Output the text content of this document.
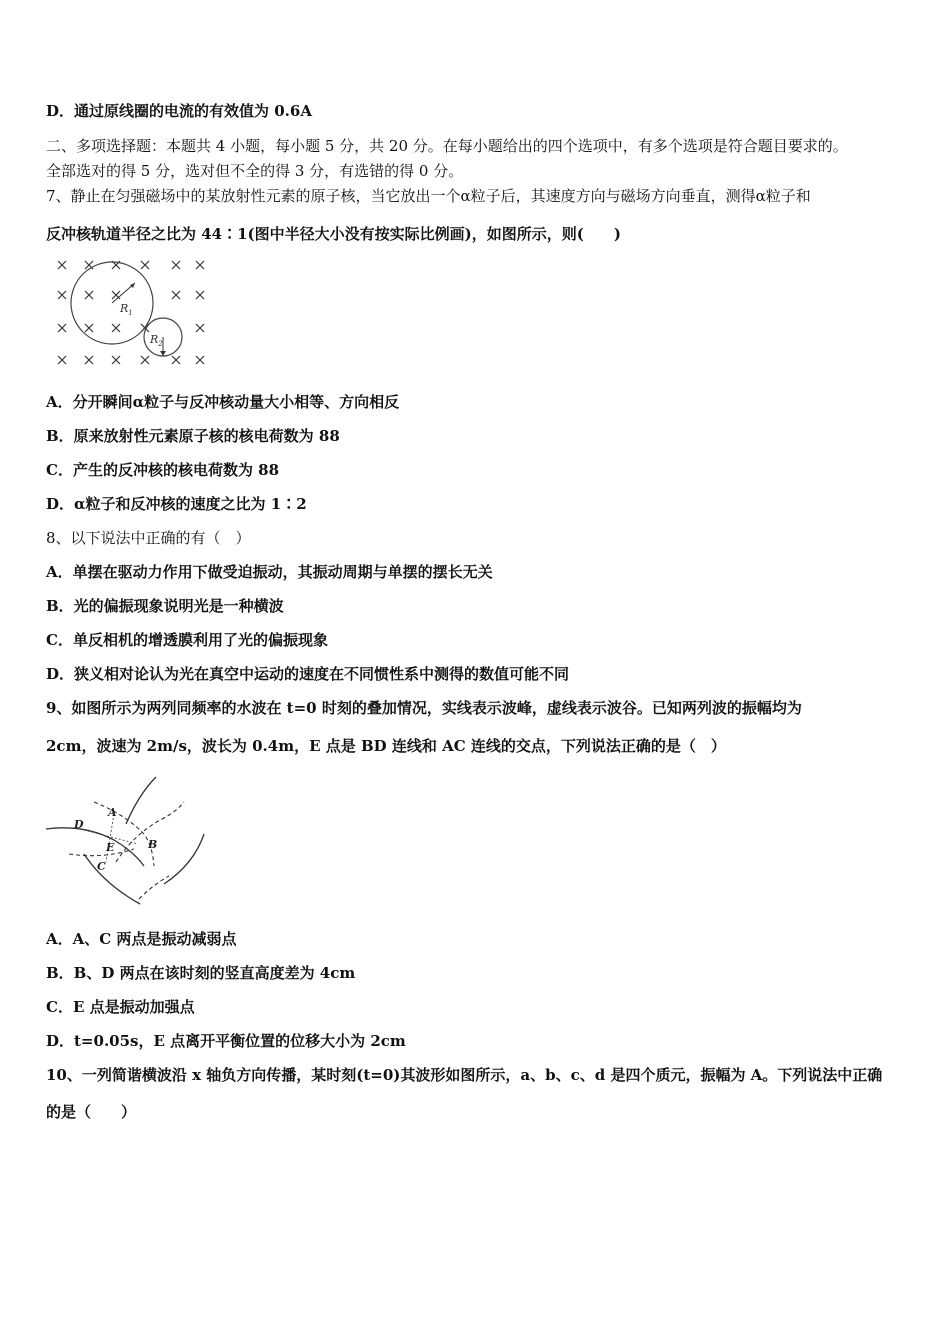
D．通过原线圈的电流的有效值为 0.6A
二、多项选择题：本题共 4 小题，每小题 5 分，共 20 分。在每小题给出的四个选项中，有多个选项是符合题目要求的。
全部选对的得 5 分，选对但不全的得 3 分，有选错的得 0 分。
7、静止在匀强磁场中的某放射性元素的原子核，当它放出一个α粒子后，其速度方向与磁场方向垂直，测得α粒子和
反冲核轨道半径之比为 44∶1(图中半径大小没有按实际比例画)，如图所示，则(　　)
$R_1$
$R_2$
A．分开瞬间α粒子与反冲核动量大小相等、方向相反
B．原来放射性元素原子核的核电荷数为 88
C．产生的反冲核的核电荷数为 88
D．α粒子和反冲核的速度之比为 1∶2
8、以下说法中正确的有（　）
A．单摆在驱动力作用下做受迫振动，其振动周期与单摆的摆长无关
B．光的偏振现象说明光是一种横波
C．单反相机的增透膜利用了光的偏振现象
D．狭义相对论认为光在真空中运动的速度在不同惯性系中测得的数值可能不同
9、如图所示为两列同频率的水波在 t=0 时刻的叠加情况，实线表示波峰，虚线表示波谷。已知两列波的振幅均为
2cm，波速为 2m/s，波长为 0.4m，E 点是 BD 连线和 AC 连线的交点，下列说法正确的是（　）
A
B
C
D
E
A．A、C 两点是振动减弱点
B．B、D 两点在该时刻的竖直高度差为 4cm
C．E 点是振动加强点
D．t=0.05s，E 点离开平衡位置的位移大小为 2cm
10、一列简谐横波沿 x 轴负方向传播，某时刻(t=0)其波形如图所示，a、b、c、d 是四个质元，振幅为 A。下列说法中正确
的是（　　）
